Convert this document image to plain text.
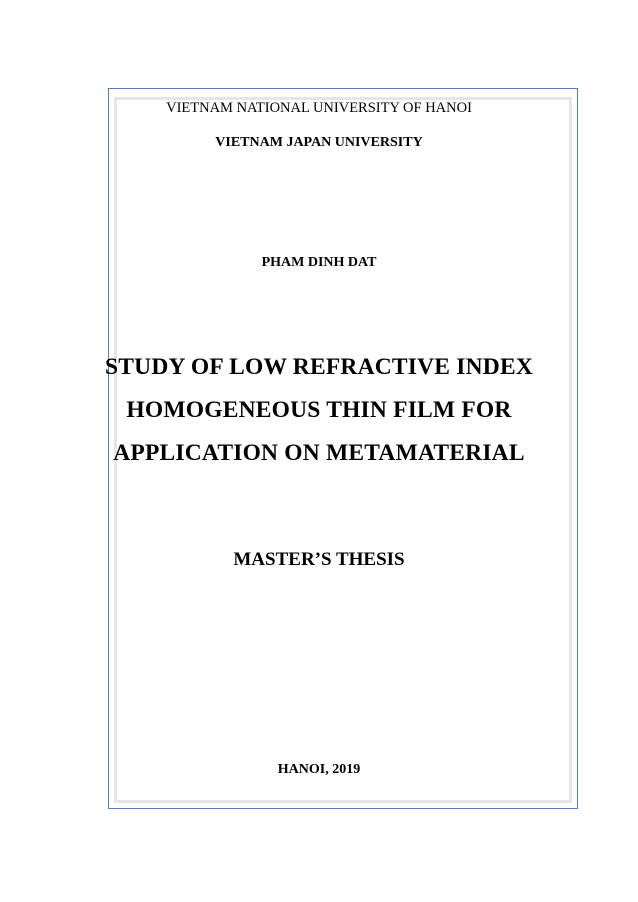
VIETNAM NATIONAL UNIVERSITY OF HANOI
VIETNAM JAPAN UNIVERSITY
PHAM DINH DAT
STUDY OF LOW REFRACTIVE INDEX
HOMOGENEOUS THIN FILM FOR
APPLICATION ON METAMATERIAL
MASTER’S THESIS
HANOI, 2019
